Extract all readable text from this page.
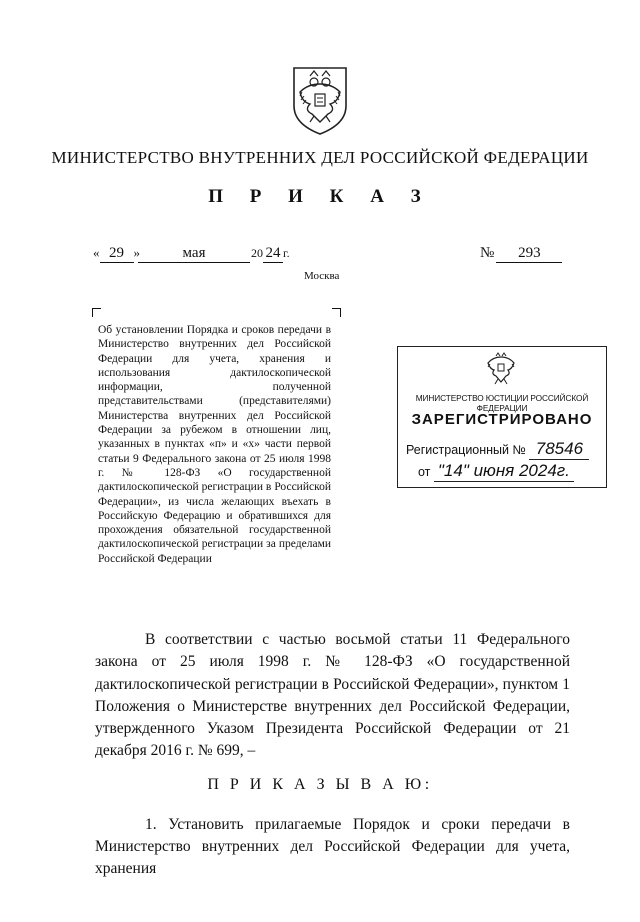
МИНИСТЕРСТВО ВНУТРЕННИХ ДЕЛ РОССИЙСКОЙ ФЕДЕРАЦИИ
П Р И К А З
« 29 »	мая	20 24 г.	№ 293
Москва
Об установлении Порядка и сроков передачи в Министерство внутренних дел Российской Федерации для учета, хранения и использования дактилоскопической информации, полученной представительствами (представителями) Министерства внутренних дел Российской Федерации за рубежом в отношении лиц, указанных в пунктах «п» и «х» части первой статьи 9 Федерального закона от 25 июля 1998 г. № 128-ФЗ «О государственной дактилоскопической регистрации в Российской Федерации», из числа желающих въехать в Российскую Федерацию и обратившихся для прохождения обязательной государственной дактилоскопической регистрации за пределами Российской Федерации
МИНИСТЕРСТВО ЮСТИЦИИ РОССИЙСКОЙ ФЕДЕРАЦИИ
ЗАРЕГИСТРИРОВАНО
Регистрационный № 78546
от "14" июня 2024г.
В соответствии с частью восьмой статьи 11 Федерального закона от 25 июля 1998 г. № 128-ФЗ «О государственной дактилоскопической регистрации в Российской Федерации», пунктом 1 Положения о Министерстве внутренних дел Российской Федерации, утвержденного Указом Президента Российской Федерации от 21 декабря 2016 г. № 699, –
П Р И К А З Ы В А Ю:
1. Установить прилагаемые Порядок и сроки передачи в Министерство внутренних дел Российской Федерации для учета, хранения
